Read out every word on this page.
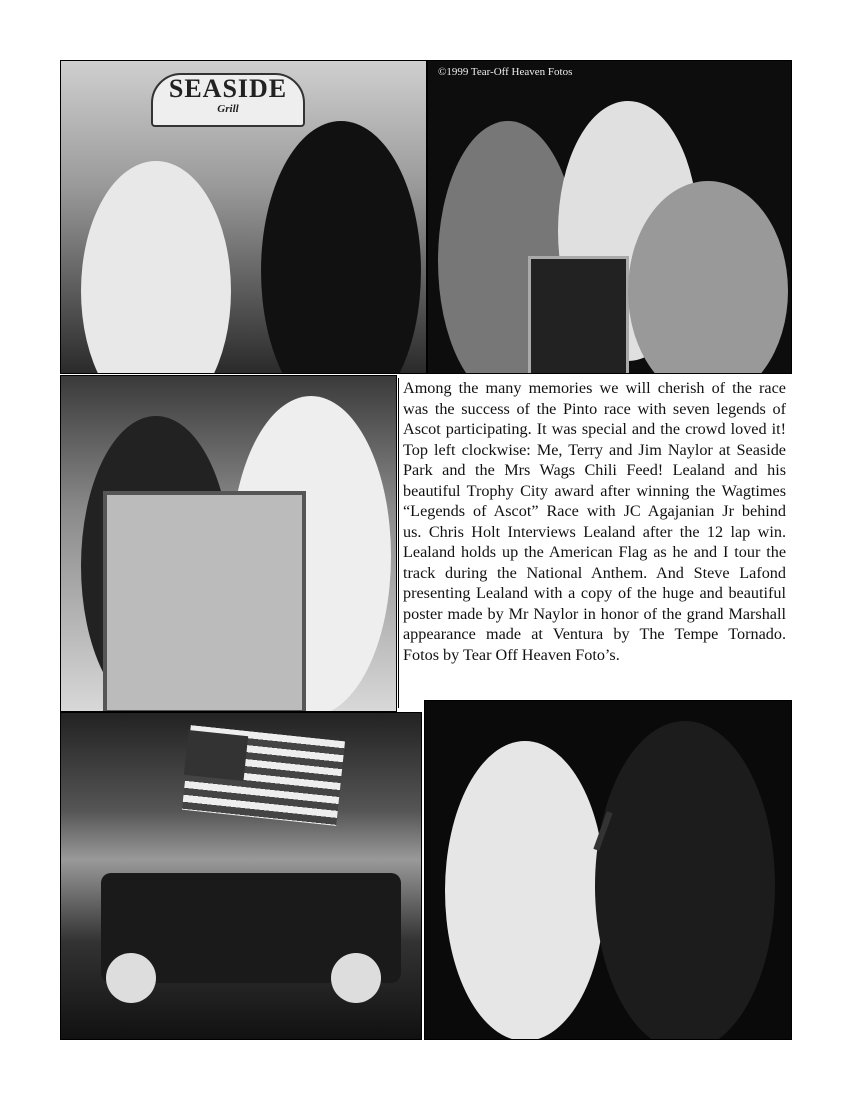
SEASIDE
Grill
©1999 Tear-Off Heaven Fotos
Among the many memories we will cherish of the race
was the success of the Pinto race with seven legends of
Ascot participating. It was special and the crowd loved it!
Top left clockwise: Me, Terry and Jim Naylor at Seaside
Park and the Mrs Wags Chili Feed! Lealand and his
beautiful Trophy City award after winning the Wagtimes
“Legends of Ascot” Race with JC Agajanian Jr behind
us. Chris Holt Interviews Lealand after the 12 lap win.
Lealand holds up the American Flag as he and I tour the
track during the National Anthem. And Steve Lafond
presenting Lealand with a copy of the huge and beautiful
poster made by Mr Naylor in honor of the grand Marshall
appearance made at Ventura by The Tempe Tornado.
Fotos by Tear Off Heaven Foto’s.
